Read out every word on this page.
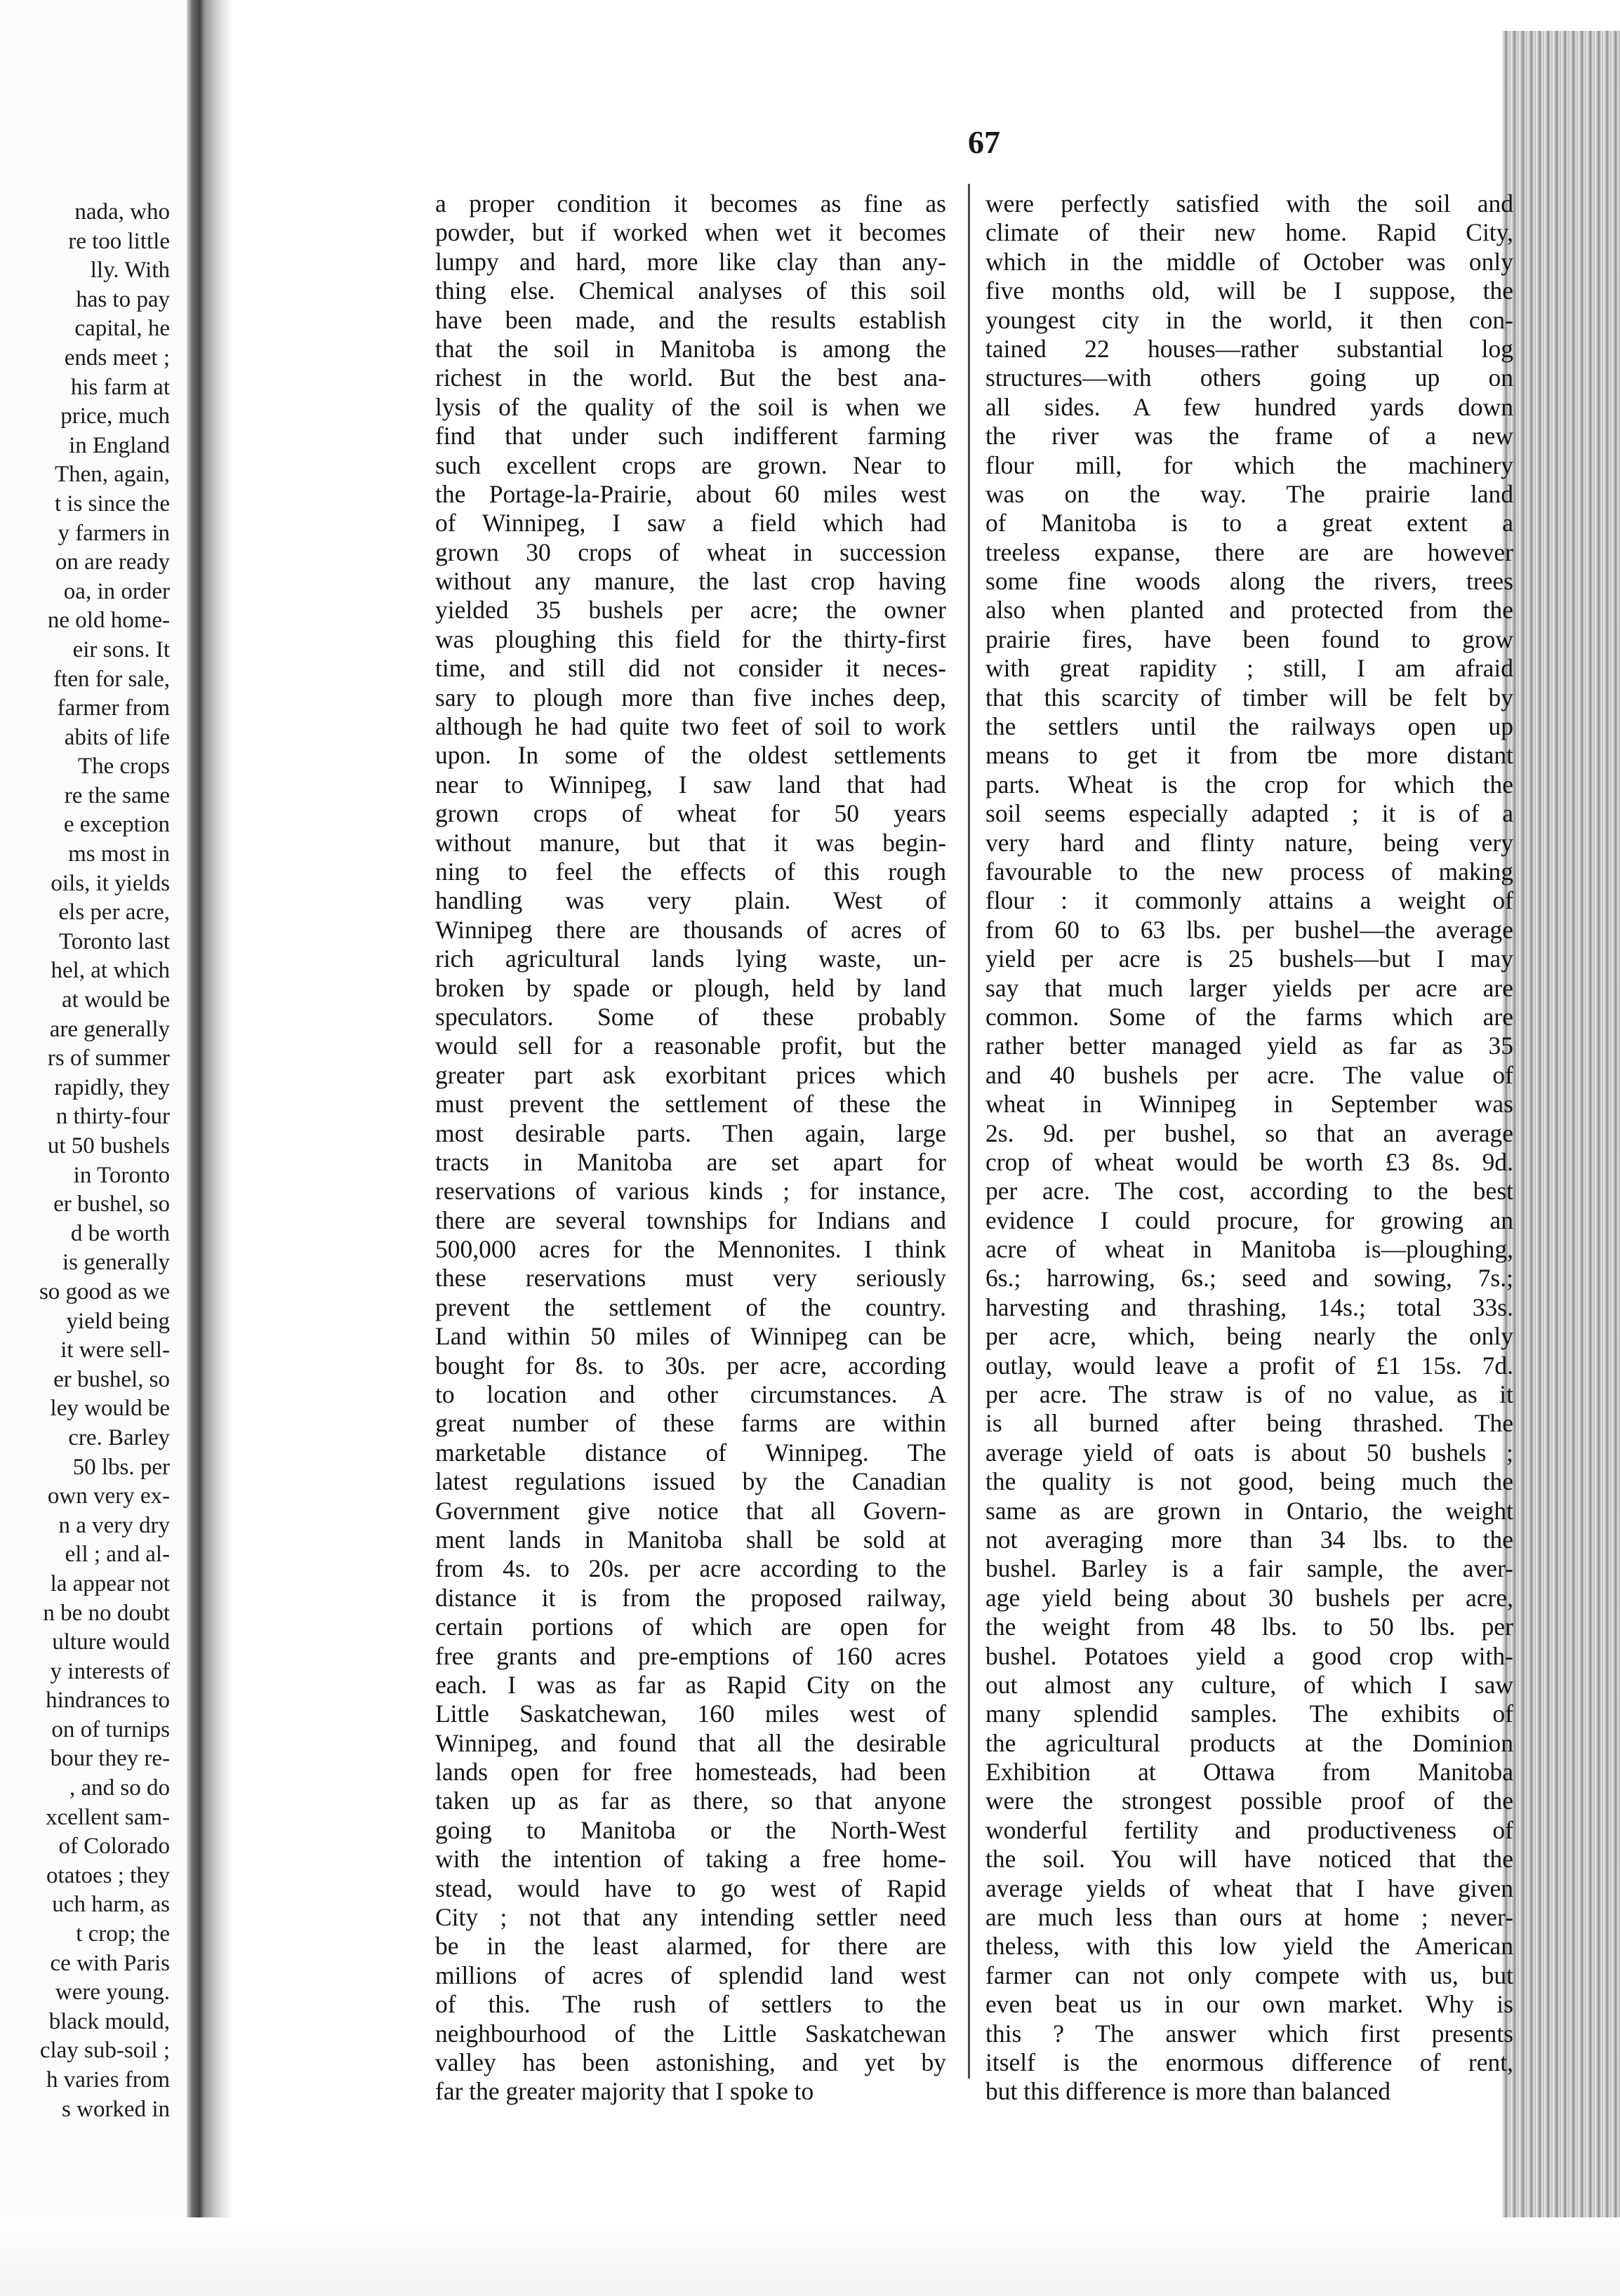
nada, who
re too little
lly. With
has to pay
capital, he
ends meet ;
his farm at
price, much
in England
Then, again,
t is since the
y farmers in
on are ready
oa, in order
ne old home-
eir sons. It
ften for sale,
farmer from
abits of life
The crops
re the same
e exception
ms most in
oils, it yields
els per acre,
Toronto last
hel, at which
at would be
are generally
rs of summer
rapidly, they
n thirty-four
ut 50 bushels
in Toronto
er bushel, so
d be worth
is generally
so good as we
yield being
it were sell-
er bushel, so
ley would be
cre. Barley
50 lbs. per
own very ex-
n a very dry
ell ; and al-
la appear not
n be no doubt
ulture would
y interests of
hindrances to
on of turnips
bour they re-
, and so do
xcellent sam-
of Colorado
otatoes ; they
uch harm, as
t crop; the
ce with Paris
were young.
black mould,
clay sub-soil ;
h varies from
s worked in
67
a proper condition it becomes as fine as
powder, but if worked when wet it becomes
lumpy and hard, more like clay than any-
thing else. Chemical analyses of this soil
have been made, and the results establish
that the soil in Manitoba is among the
richest in the world. But the best ana-
lysis of the quality of the soil is when we
find that under such indifferent farming
such excellent crops are grown. Near to
the Portage-la-Prairie, about 60 miles west
of Winnipeg, I saw a field which had
grown 30 crops of wheat in succession
without any manure, the last crop having
yielded 35 bushels per acre; the owner
was ploughing this field for the thirty-first
time, and still did not consider it neces-
sary to plough more than five inches deep,
although he had quite two feet of soil to work
upon. In some of the oldest settlements
near to Winnipeg, I saw land that had
grown crops of wheat for 50 years
without manure, but that it was begin-
ning to feel the effects of this rough
handling was very plain. West of
Winnipeg there are thousands of acres of
rich agricultural lands lying waste, un-
broken by spade or plough, held by land
speculators. Some of these probably
would sell for a reasonable profit, but the
greater part ask exorbitant prices which
must prevent the settlement of these the
most desirable parts. Then again, large
tracts in Manitoba are set apart for
reservations of various kinds ; for instance,
there are several townships for Indians and
500,000 acres for the Mennonites. I think
these reservations must very seriously
prevent the settlement of the country.
Land within 50 miles of Winnipeg can be
bought for 8s. to 30s. per acre, according
to location and other circumstances. A
great number of these farms are within
marketable distance of Winnipeg. The
latest regulations issued by the Canadian
Government give notice that all Govern-
ment lands in Manitoba shall be sold at
from 4s. to 20s. per acre according to the
distance it is from the proposed railway,
certain portions of which are open for
free grants and pre-emptions of 160 acres
each. I was as far as Rapid City on the
Little Saskatchewan, 160 miles west of
Winnipeg, and found that all the desirable
lands open for free homesteads, had been
taken up as far as there, so that anyone
going to Manitoba or the North-West
with the intention of taking a free home-
stead, would have to go west of Rapid
City ; not that any intending settler need
be in the least alarmed, for there are
millions of acres of splendid land west
of this. The rush of settlers to the
neighbourhood of the Little Saskatchewan
valley has been astonishing, and yet by
far the greater majority that I spoke to
were perfectly satisfied with the soil and
climate of their new home. Rapid City,
which in the middle of October was only
five months old, will be I suppose, the
youngest city in the world, it then con-
tained 22 houses—rather substantial log
structures—with others going up on
all sides. A few hundred yards down
the river was the frame of a new
flour mill, for which the machinery
was on the way. The prairie land
of Manitoba is to a great extent a
treeless expanse, there are are however
some fine woods along the rivers, trees
also when planted and protected from the
prairie fires, have been found to grow
with great rapidity ; still, I am afraid
that this scarcity of timber will be felt by
the settlers until the railways open up
means to get it from tbe more distant
parts. Wheat is the crop for which the
soil seems especially adapted ; it is of a
very hard and flinty nature, being very
favourable to the new process of making
flour : it commonly attains a weight of
from 60 to 63 lbs. per bushel—the average
yield per acre is 25 bushels—but I may
say that much larger yields per acre are
common. Some of the farms which are
rather better managed yield as far as 35
and 40 bushels per acre. The value of
wheat in Winnipeg in September was
2s. 9d. per bushel, so that an average
crop of wheat would be worth £3 8s. 9d.
per acre. The cost, according to the best
evidence I could procure, for growing an
acre of wheat in Manitoba is—ploughing,
6s.; harrowing, 6s.; seed and sowing, 7s.;
harvesting and thrashing, 14s.; total 33s.
per acre, which, being nearly the only
outlay, would leave a profit of £1 15s. 7d.
per acre. The straw is of no value, as it
is all burned after being thrashed. The
average yield of oats is about 50 bushels ;
the quality is not good, being much the
same as are grown in Ontario, the weight
not averaging more than 34 lbs. to the
bushel. Barley is a fair sample, the aver-
age yield being about 30 bushels per acre,
the weight from 48 lbs. to 50 lbs. per
bushel. Potatoes yield a good crop with-
out almost any culture, of which I saw
many splendid samples. The exhibits of
the agricultural products at the Dominion
Exhibition at Ottawa from Manitoba
were the strongest possible proof of the
wonderful fertility and productiveness of
the soil. You will have noticed that the
average yields of wheat that I have given
are much less than ours at home ; never-
theless, with this low yield the American
farmer can not only compete with us, but
even beat us in our own market. Why is
this ? The answer which first presents
itself is the enormous difference of rent,
but this difference is more than balanced
